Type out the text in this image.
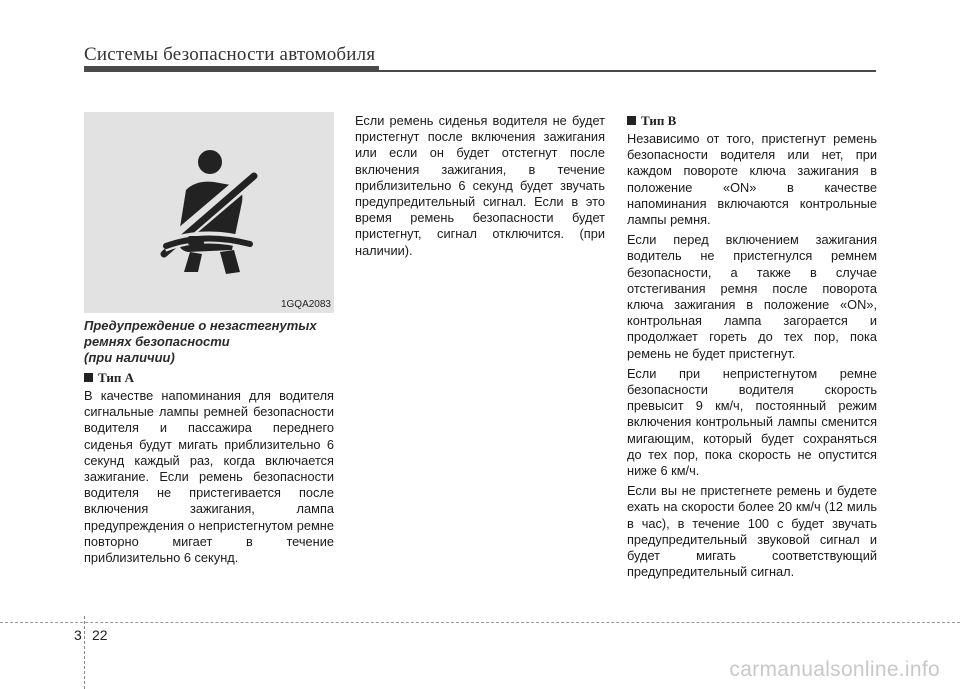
Системы безопасности автомобиля
1GQA2083
Предупреждение о незастегнутых
ремнях безопасности
(при наличии)
Тип A

В качестве напоминания для водителя сигнальные лампы ремней безопасности водителя и пассажира переднего сиденья будут мигать приблизительно 6 секунд каждый раз, когда включается зажигание. Если ремень безопасности водителя не пристегивается после включения зажигания, лампа предупреждения о непристегнутом ремне повторно мигает в течение приблизительно 6 секунд.

Если ремень сиденья водителя не будет пристегнут после включения зажигания или если он будет отстегнут после включения зажигания, в течение приблизительно 6 секунд будет звучать предупредительный сигнал. Если в это время ремень безопасности будет пристегнут, сигнал отключится. (при наличии).

Тип B

Независимо от того, пристегнут ремень безопасности водителя или нет, при каждом повороте ключа зажигания в положение «ON» в качестве напоминания включаются контрольные лампы ремня.

Если перед включением зажигания водитель не пристегнулся ремнем безопасности, а также в случае отстегивания ремня после поворота ключа зажигания в положение «ON», контрольная лампа загорается и продолжает гореть до тех пор, пока ремень не будет пристегнут.

Если при непристегнутом ремне безопасности водителя скорость превысит 9 км/ч, постоянный режим включения контрольный лампы сменится мигающим, который будет сохраняться до тех пор, пока скорость не опустится ниже 6 км/ч.

Если вы не пристегнете ремень и будете ехать на скорости более 20 км/ч (12 миль в час), в течение 100 с будет звучать предупредительный звуковой сигнал и будет мигать соответствующий предупредительный сигнал.

3 22
carmanualsonline.info
